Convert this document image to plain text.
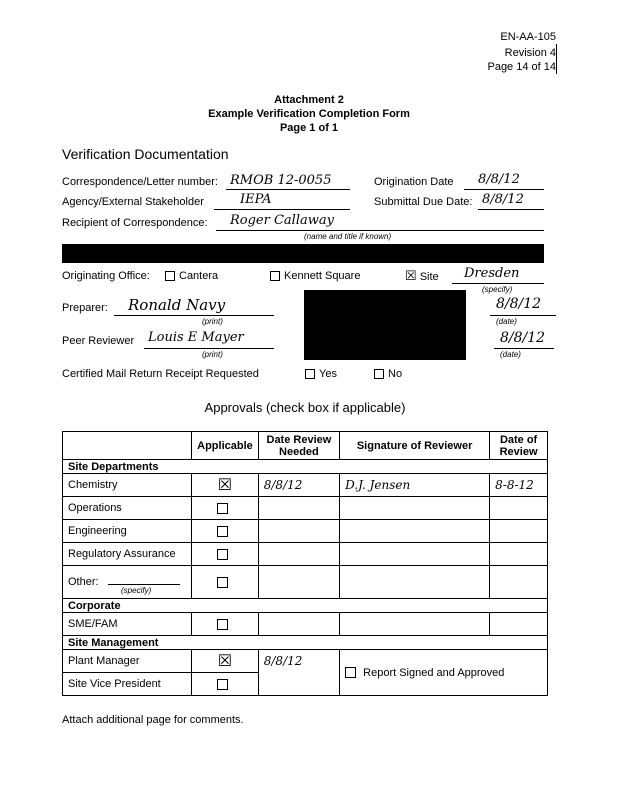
EN-AA-105
Revision 4
Page 14 of 14
Attachment 2
Example Verification Completion Form
Page 1 of 1
Verification Documentation
Correspondence/Letter number: RMOB 12-0055	Origination Date 8/8/12
Agency/External Stakeholder	IEPA	Submittal Due Date: 8/8/12
Recipient of Correspondence: Roger Callaway
(name and title if known)
Originating Office:	Cantera	Kennett Square	☒ Site Dresden
(specify)
Preparer: Ronald Navy
(print)
8/8/12
(date)
Peer Reviewer Louis E Mayer
(print)
8/8/12
(date)
Certified Mail Return Receipt Requested	Yes	No
Approvals (check box if applicable)
	Applicable	Date Review Needed	Signature of Reviewer	Date of Review
Site Departments				
Chemistry	☒	8/8/12	D.J. Jensen	8-8-12
Operations				
Engineering				
Regulatory Assurance				
Other:
(specify)				

Corporate				
SME/FAM				
Site Management				
Plant Manager	☒	8/8/12	Report Signed and Approved	
Site Vice President				
Attach additional page for comments.
